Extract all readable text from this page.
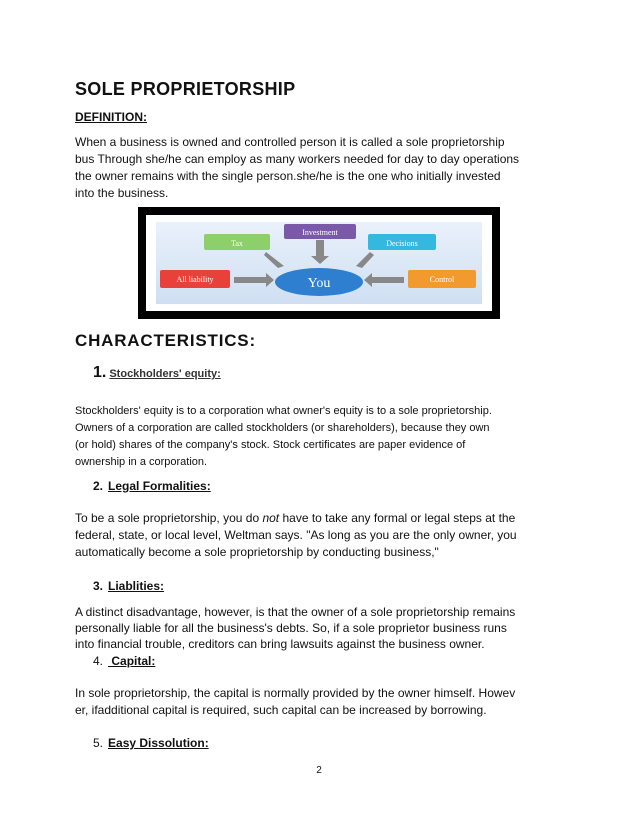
SOLE PROPRIETORSHIP
DEFINITION:
When a business is owned and controlled person it is called a sole proprietorship
bus Through she/he can employ as many workers needed for day to day operations
the owner remains with the single person.she/he is the one who initially invested
into the business.
Tax
Investment
Decisions
All liability	Control
You
CHARACTERISTICS:
1. Stockholders' equity:
Stockholders' equity is to a corporation what owner's equity is to a sole proprietorship.
Owners of a corporation are called stockholders (or shareholders), because they own
(or hold) shares of the company's stock. Stock certificates are paper evidence of
ownership in a corporation.
2. Legal Formalities:
To be a sole proprietorship, you do not have to take any formal or legal steps at the
federal, state, or local level, Weltman says. "As long as you are the only owner, you
automatically become a sole proprietorship by conducting business,"
3. Liablities:
A distinct disadvantage, however, is that the owner of a sole proprietorship remains
personally liable for all the business's debts. So, if a sole proprietor business runs
into financial trouble, creditors can bring lawsuits against the business owner.
4. Capital:
In sole proprietorship, the capital is normally provided by the owner himself. Howev
er, ifadditional capital is required, such capital can be increased by borrowing.
5. Easy Dissolution:
2
